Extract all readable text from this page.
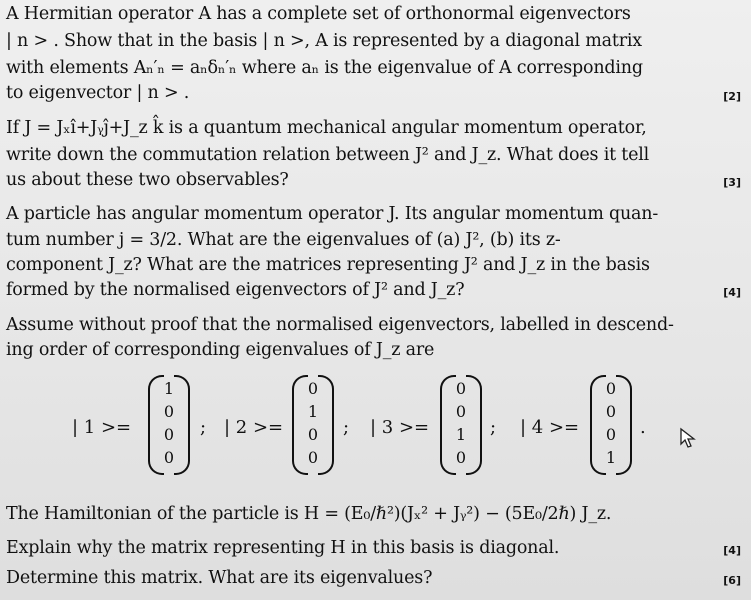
A Hermitian operator A has a complete set of orthonormal eigenvectors
| n > . Show that in the basis | n >, A is represented by a diagonal matrix
with elements Aₙ′ₙ = aₙδₙ′ₙ where aₙ is the eigenvalue of A corresponding
to eigenvector | n > .	[2]
If J = Jₓî+Jᵧĵ+J_z k̂ is a quantum mechanical angular momentum operator,
write down the commutation relation between J² and J_z. What does it tell
us about these two observables?	[3]
A particle has angular momentum operator J. Its angular momentum quan-
tum number j = 3/2. What are the eigenvalues of (a) J², (b) its z-
component J_z? What are the matrices representing J² and J_z in the basis
formed by the normalised eigenvectors of J² and J_z?	[4]
Assume without proof that the normalised eigenvectors, labelled in descend-
ing order of corresponding eigenvalues of J_z are
| 1 >=
1
0
0
0
; | 2 >=
0
1
0
0
; | 3 >=
0
0
1
0
; | 4 >=
0
0
0
1
.
The Hamiltonian of the particle is H = (E₀/ℏ²)(Jₓ² + Jᵧ²) − (5E₀/2ℏ) J_z.
Explain why the matrix representing H in this basis is diagonal.	[4]
Determine this matrix. What are its eigenvalues?	[6]
